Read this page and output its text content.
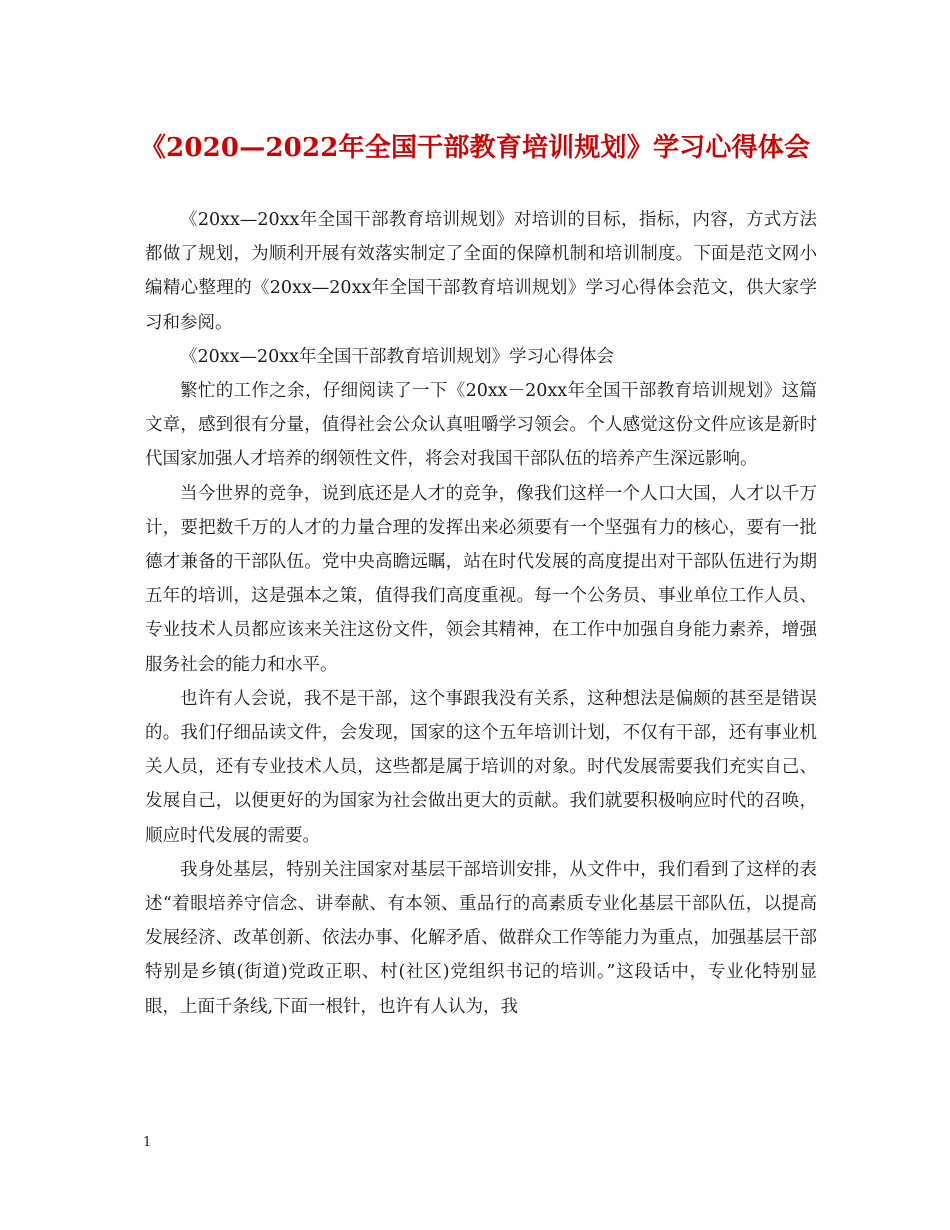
《2020—2022年全国干部教育培训规划》学习心得体会

《20xx—20xx年全国干部教育培训规划》对培训的目标，指标，内容，方式方法都做了规划，为顺利开展有效落实制定了全面的保障机制和培训制度。下面是范文网小编精心整理的《20xx—20xx年全国干部教育培训规划》学习心得体会范文，供大家学习和参阅。

《20xx—20xx年全国干部教育培训规划》学习心得体会

繁忙的工作之余，仔细阅读了一下《20xx－20xx年全国干部教育培训规划》这篇文章，感到很有分量，值得社会公众认真咀嚼学习领会。个人感觉这份文件应该是新时代国家加强人才培养的纲领性文件，将会对我国干部队伍的培养产生深远影响。

当今世界的竞争，说到底还是人才的竞争，像我们这样一个人口大国，人才以千万计，要把数千万的人才的力量合理的发挥出来必须要有一个坚强有力的核心，要有一批德才兼备的干部队伍。党中央高瞻远瞩，站在时代发展的高度提出对干部队伍进行为期五年的培训，这是强本之策，值得我们高度重视。每一个公务员、事业单位工作人员、专业技术人员都应该来关注这份文件，领会其精神，在工作中加强自身能力素养，增强服务社会的能力和水平。

也许有人会说，我不是干部，这个事跟我没有关系，这种想法是偏颇的甚至是错误的。我们仔细品读文件，会发现，国家的这个五年培训计划，不仅有干部，还有事业机关人员，还有专业技术人员，这些都是属于培训的对象。时代发展需要我们充实自己、发展自己，以便更好的为国家为社会做出更大的贡献。我们就要积极响应时代的召唤，顺应时代发展的需要。

我身处基层，特别关注国家对基层干部培训安排，从文件中，我们看到了这样的表述“着眼培养守信念、讲奉献、有本领、重品行的高素质专业化基层干部队伍，以提高发展经济、改革创新、依法办事、化解矛盾、做群众工作等能力为重点，加强基层干部特别是乡镇(街道)党政正职、村(社区)党组织书记的培训。”这段话中，专业化特别显眼，上面千条线,下面一根针，也许有人认为，我

1
